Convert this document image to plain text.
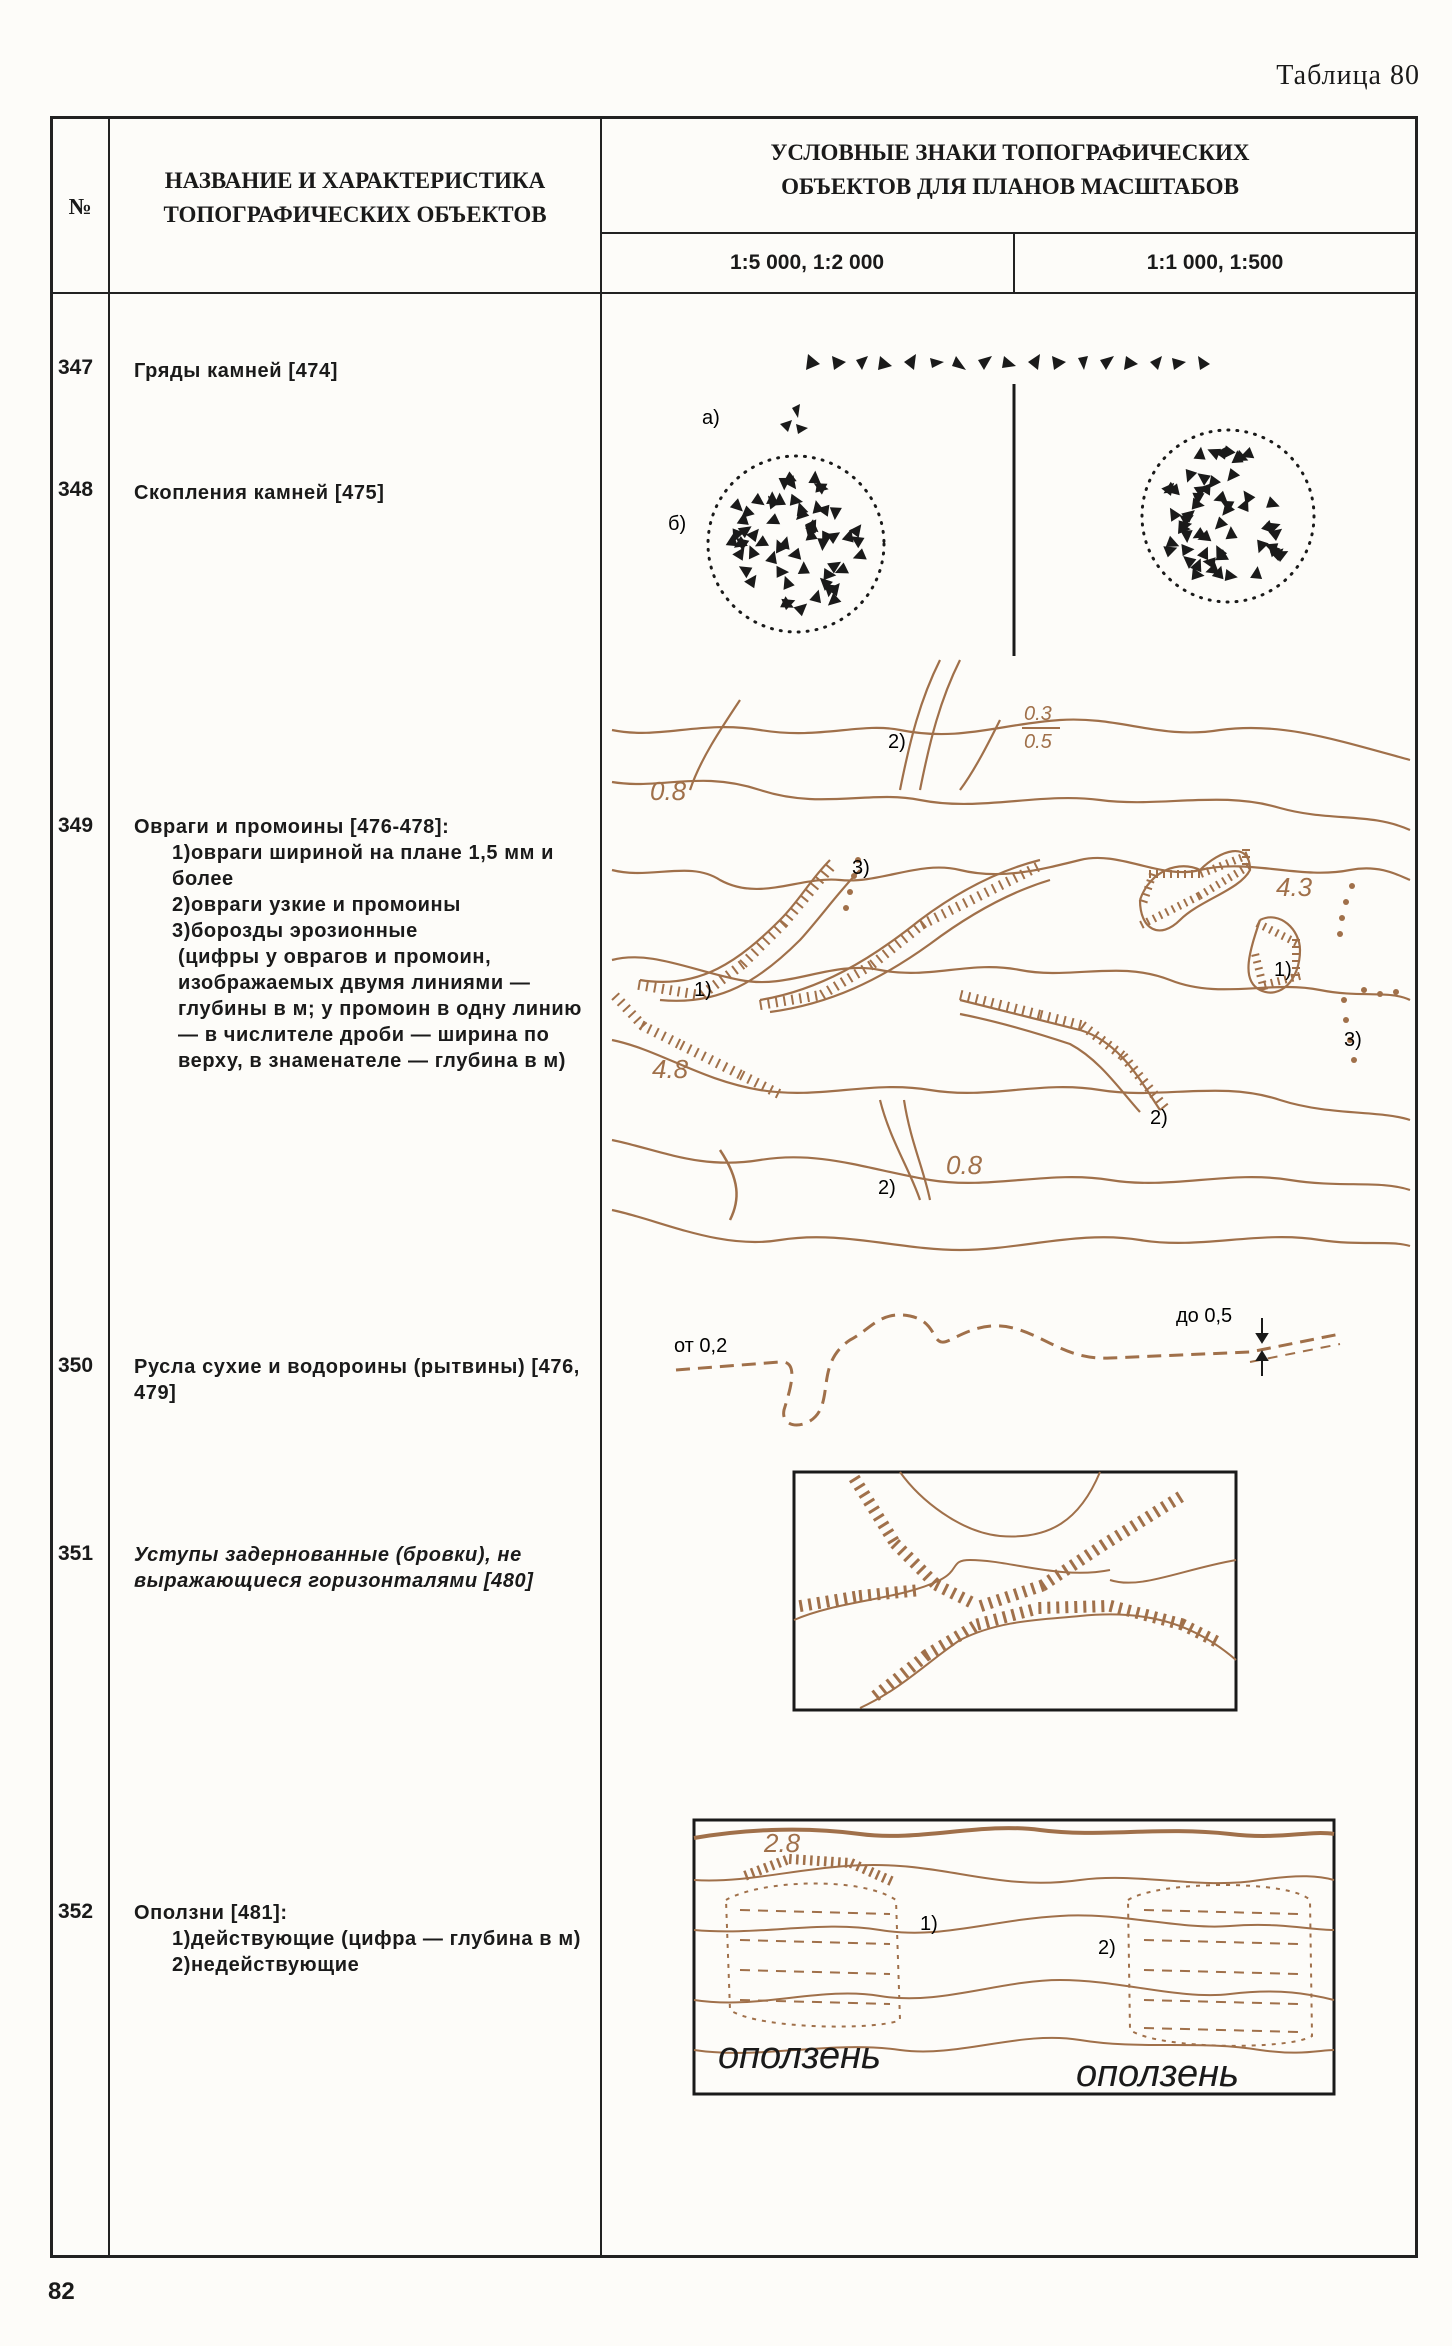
Таблица 80
№
НАЗВАНИЕ И ХАРАКТЕРИСТИКА ТОПОГРАФИЧЕСКИХ ОБЪЕКТОВ
УСЛОВНЫЕ ЗНАКИ ТОПОГРАФИЧЕСКИХ ОБЪЕКТОВ ДЛЯ ПЛАНОВ МАСШТАБОВ
1:5 000, 1:2 000	1:1 000, 1:500
347	Гряды камней [474]
348	Скопления камней [475]
349	Овраги и промоины [476-478]:
1)овраги шириной на плане 1,5 мм и более
2)овраги узкие и промоины
3)борозды эрозионные
(цифры у оврагов и промоин, изображаемых двумя линиями — глубины в м; у промоин в одну линию — в числителе дроби — ширина по верху, в знаменателе — глубина в м)
350	Русла сухие и водороины (рытвины) [476, 479]
351	Уступы задернованные (бровки), не выражающиеся горизонталями [480]
352	Оползни [481]:
1)действующие (цифра — глубина в м)
2)недействующие
82
а)
б)
0.8
0.3
0.5
4.3
4.8
0.8
2)
3)
1)
1)
3)
2)
2)
от 0,2
до 0,5
2.8
1)
2)
оползень	оползень
